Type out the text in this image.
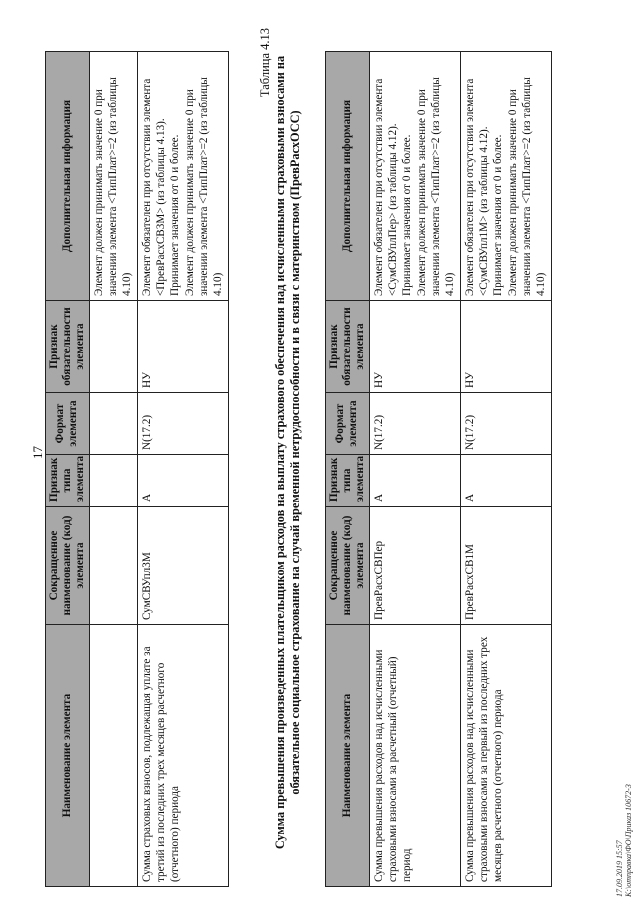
17
Наименование элемента	Сокращенное наименование (код) элемента	Признак типа элемента	Формат элемента	Признак обязательности элемента	Дополнительная информация
					Элемент должен принимать значение 0 при значении элемента <ТипПлат>=2 (из таблицы 4.10)
Сумма страховых взносов, подлежащая уплате за третий из последних трех месяцев расчетного (отчетного) периода	СумСВУпл3М	А	N(17.2)	НУ	Элемент обязателен при отсутствии элемента <ПревРасхСВ3М> (из таблицы 4.13).
Принимает значения от 0 и более.
Элемент должен принимать значение 0 при значении элемента <ТипПлат>=2 (из таблицы 4.10)
Таблица 4.13 Сумма превышения произведенных плательщиком расходов на выплату страхового обеспечения над исчисленными страховыми взносами на обязательное социальное страхование на случай временной нетрудоспособности и в связи с материнством (ПревРасхОСС)	Наименование элемента	Сокращенное наименование (код) элемента	Признак типа элемента	Формат элемента	Признак обязательности элемента	Дополнительная информация
Сумма превышения расходов над исчисленными страховыми взносами за расчетный (отчетный) период	ПревРасхСВПер	А	N(17.2)	НУ	Элемент обязателен при отсутствии элемента <СумСВУплПер> (из таблицы 4.12).
Принимает значения от 0 и более.
Элемент должен принимать значение 0 при значении элемента <ТипПлат>=2 (из таблицы 4.10)
Сумма превышения расходов над исчисленными страховыми взносами за первый из последних трех месяцев расчетного (отчетного) периода	ПревРасхСВ1М	А	N(17.2)	НУ	Элемент обязателен при отсутствии элемента <СумСВУпл1М> (из таблицы 4.12).
Принимает значения от 0 и более.
Элемент должен принимать значение 0 при значении элемента <ТипПлат>=2 (из таблицы 4.10)
17.09.2019 15:57 К:\отправка\ФО\Приказ 10672-3
